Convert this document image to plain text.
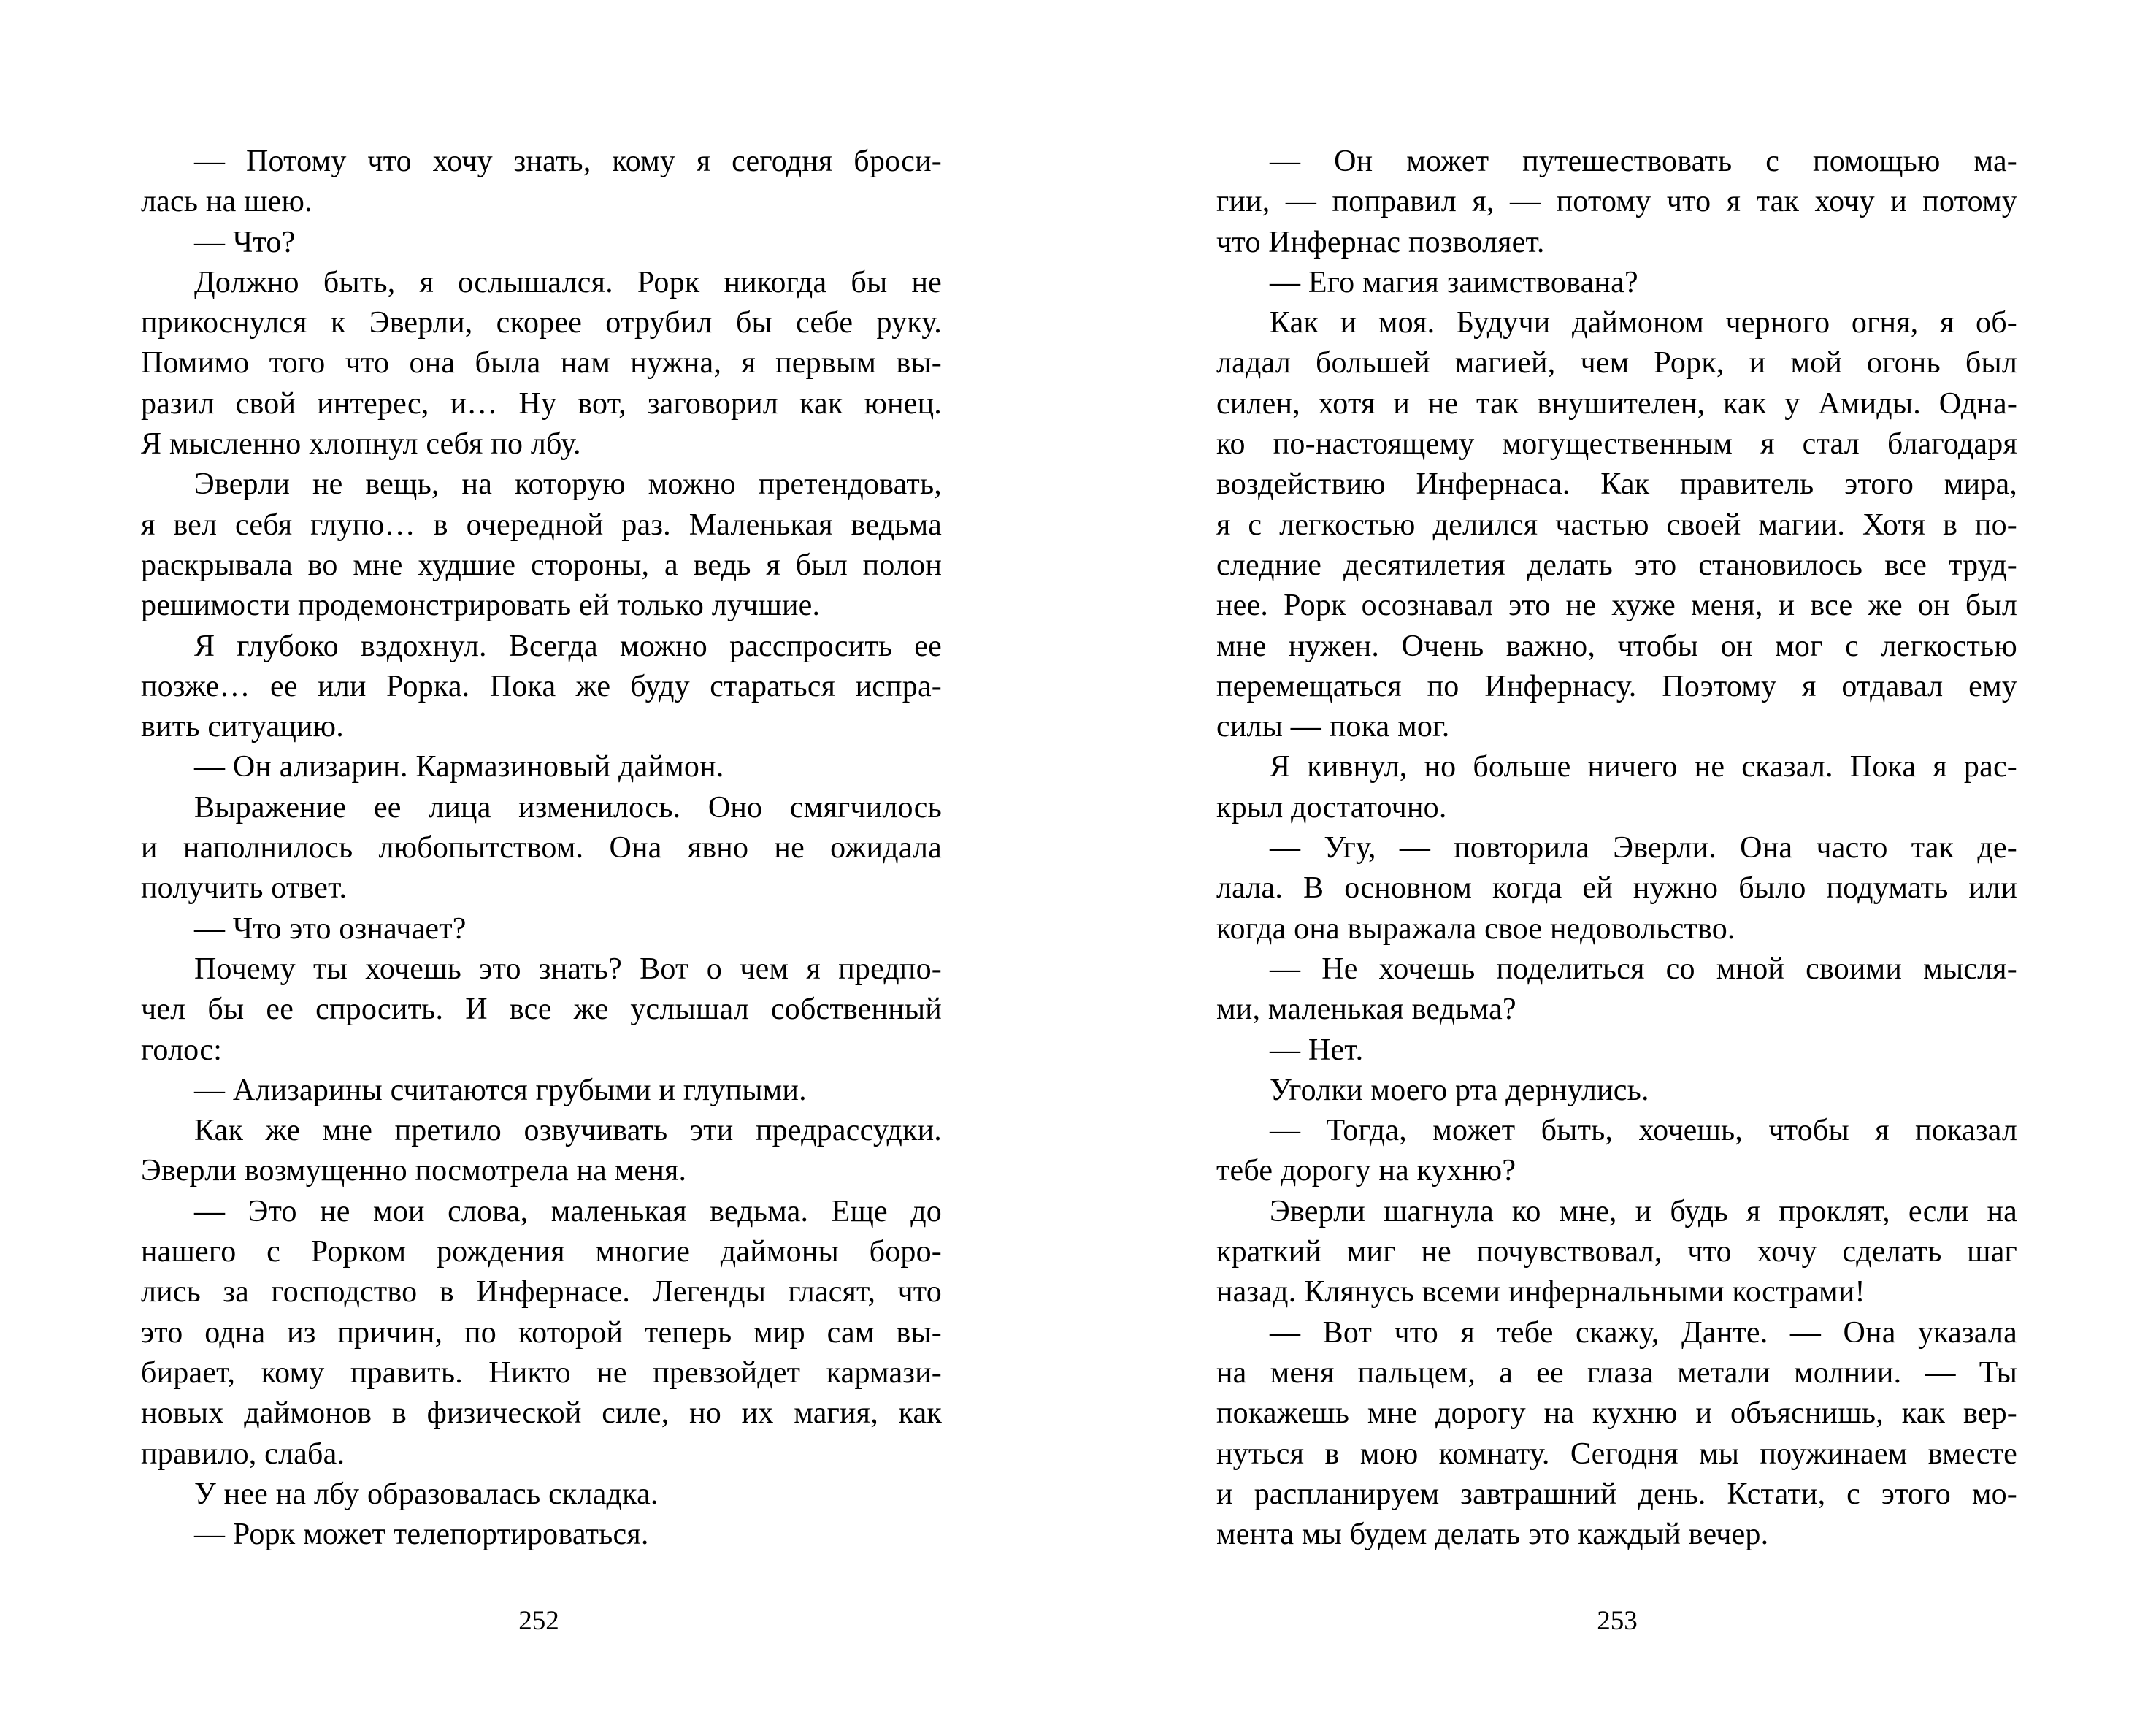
— Потому что хочу знать, кому я сегодня броси-
лась на шею.
— Что?
Должно быть, я ослышался. Рорк никогда бы не
прикоснулся к Эверли, скорее отрубил бы себе руку.
Помимо того что она была нам нужна, я первым вы-
разил свой интерес, и… Ну вот, заговорил как юнец.
Я мысленно хлопнул себя по лбу.
Эверли не вещь, на которую можно претендовать,
я вел себя глупо… в очередной раз. Маленькая ведьма
раскрывала во мне худшие стороны, а ведь я был полон
решимости продемонстрировать ей только лучшие.
Я глубоко вздохнул. Всегда можно расспросить ее
позже… ее или Рорка. Пока же буду стараться испра-
вить ситуацию.
— Он ализарин. Кармазиновый даймон.
Выражение ее лица изменилось. Оно смягчилось
и наполнилось любопытством. Она явно не ожидала
получить ответ.
— Что это означает?
Почему ты хочешь это знать? Вот о чем я предпо-
чел бы ее спросить. И все же услышал собственный
голос:
— Ализарины считаются грубыми и глупыми.
Как же мне претило озвучивать эти предрассудки.
Эверли возмущенно посмотрела на меня.
— Это не мои слова, маленькая ведьма. Еще до
нашего с Рорком рождения многие даймоны боро-
лись за господство в Инфернасе. Легенды гласят, что
это одна из причин, по которой теперь мир сам вы-
бирает, кому править. Никто не превзойдет кармази-
новых даймонов в физической силе, но их магия, как
правило, слаба.
У нее на лбу образовалась складка.
— Рорк может телепортироваться.
— Он может путешествовать с помощью ма-
гии, — поправил я, — потому что я так хочу и потому
что Инфернас позволяет.
— Его магия заимствована?
Как и моя. Будучи даймоном черного огня, я об-
ладал большей магией, чем Рорк, и мой огонь был
силен, хотя и не так внушителен, как у Амиды. Одна-
ко по-настоящему могущественным я стал благодаря
воздействию Инфернаса. Как правитель этого мира,
я с легкостью делился частью своей магии. Хотя в по-
следние десятилетия делать это становилось все труд-
нее. Рорк осознавал это не хуже меня, и все же он был
мне нужен. Очень важно, чтобы он мог с легкостью
перемещаться по Инфернасу. Поэтому я отдавал ему
силы — пока мог.
Я кивнул, но больше ничего не сказал. Пока я рас-
крыл достаточно.
— Угу, — повторила Эверли. Она часто так де-
лала. В основном когда ей нужно было подумать или
когда она выражала свое недовольство.
— Не хочешь поделиться со мной своими мысля-
ми, маленькая ведьма?
— Нет.
Уголки моего рта дернулись.
— Тогда, может быть, хочешь, чтобы я показал
тебе дорогу на кухню?
Эверли шагнула ко мне, и будь я проклят, если на
краткий миг не почувствовал, что хочу сделать шаг
назад. Клянусь всеми инфернальными кострами!
— Вот что я тебе скажу, Данте. — Она указала
на меня пальцем, а ее глаза метали молнии. — Ты
покажешь мне дорогу на кухню и объяснишь, как вер-
нуться в мою комнату. Сегодня мы поужинаем вместе
и распланируем завтрашний день. Кстати, с этого мо-
мента мы будем делать это каждый вечер.
252	253
